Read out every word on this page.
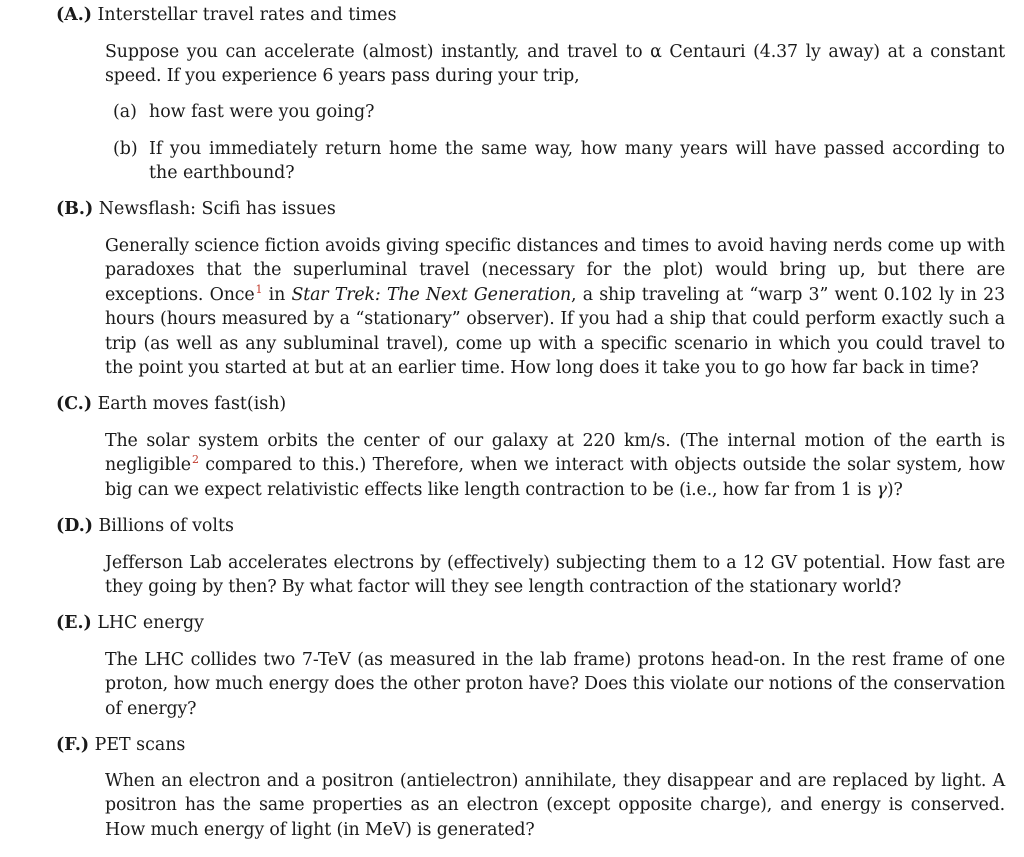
(A.) Interstellar travel rates and times
Suppose you can accelerate (almost) instantly, and travel to α Centauri (4.37 ly away) at a constant speed. If you experience 6 years pass during your trip,
(a) how fast were you going?
(b) If you immediately return home the same way, how many years will have passed according to the earthbound?
(B.) Newsflash: Scifi has issues
Generally science fiction avoids giving specific distances and times to avoid having nerds come up with paradoxes that the superluminal travel (necessary for the plot) would bring up, but there are exceptions. Once$^1$ in Star Trek: The Next Generation, a ship traveling at “warp 3” went 0.102 ly in 23 hours (hours measured by a “stationary” observer). If you had a ship that could perform exactly such a trip (as well as any subluminal travel), come up with a specific scenario in which you could travel to the point you started at but at an earlier time. How long does it take you to go how far back in time?
(C.) Earth moves fast(ish)
The solar system orbits the center of our galaxy at 220 km/s. (The internal motion of the earth is negligible$^2$ compared to this.) Therefore, when we interact with objects outside the solar system, how big can we expect relativistic effects like length contraction to be (i.e., how far from 1 is γ)?
(D.) Billions of volts
Jefferson Lab accelerates electrons by (effectively) subjecting them to a 12 GV potential. How fast are they going by then? By what factor will they see length contraction of the stationary world?
(E.) LHC energy
The LHC collides two 7-TeV (as measured in the lab frame) protons head-on. In the rest frame of one proton, how much energy does the other proton have? Does this violate our notions of the conservation of energy?
(F.) PET scans
When an electron and a positron (antielectron) annihilate, they disappear and are replaced by light. A positron has the same properties as an electron (except opposite charge), and energy is conserved. How much energy of light (in MeV) is generated?
